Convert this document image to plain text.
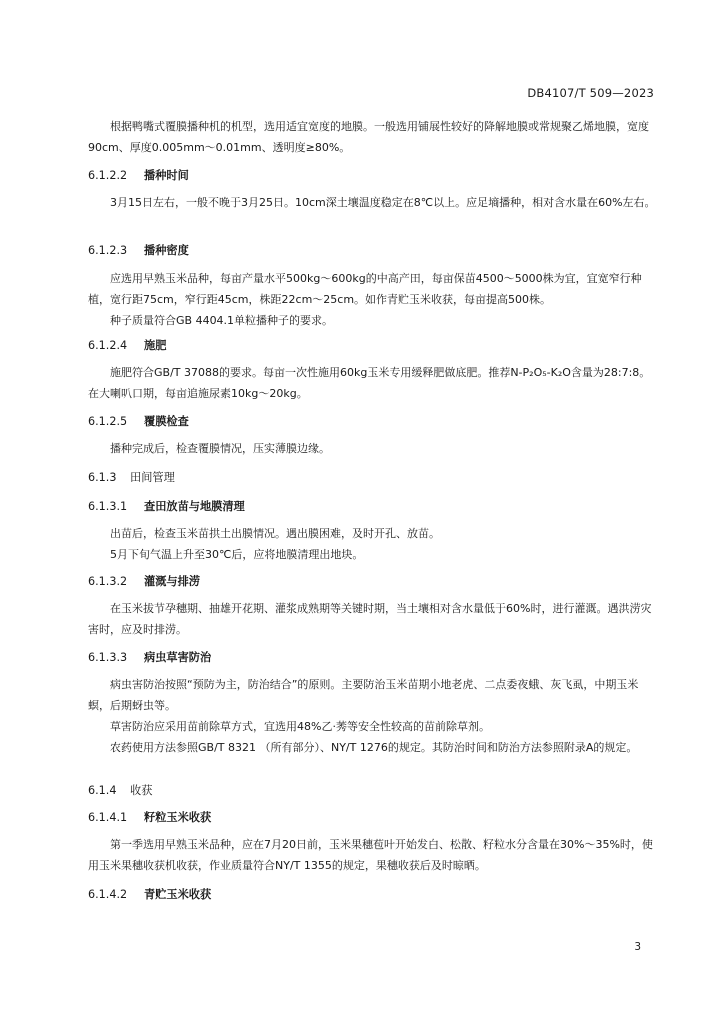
DB4107/T 509—2023

根据鸭嘴式覆膜播种机的机型，选用适宜宽度的地膜。一般选用铺展性较好的降解地膜或常规聚乙烯地膜，宽度90cm、厚度0.005mm～0.01mm、透明度≥80%。

6.1.2.2 播种时间

3月15日左右，一般不晚于3月25日。10cm深土壤温度稳定在8℃以上。应足墒播种，相对含水量在60%左右。

6.1.2.3 播种密度

应选用早熟玉米品种，每亩产量水平500kg～600kg的中高产田，每亩保苗4500～5000株为宜，宜宽窄行种植，宽行距75cm，窄行距45cm，株距22cm～25cm。如作青贮玉米收获，每亩提高500株。

种子质量符合GB 4404.1单粒播种子的要求。

6.1.2.4 施肥

施肥符合GB/T 37088的要求。每亩一次性施用60kg玉米专用缓释肥做底肥。推荐N-P₂O₅-K₂O含量为28:7:8。在大喇叭口期，每亩追施尿素10kg～20kg。

6.1.2.5 覆膜检查

播种完成后，检查覆膜情况，压实薄膜边缘。

6.1.3 田间管理
6.1.3.1 查田放苗与地膜清理

出苗后，检查玉米苗拱土出膜情况。遇出膜困难，及时开孔、放苗。

5月下旬气温上升至30℃后，应将地膜清理出地块。

6.1.3.2 灌溉与排涝

在玉米拔节孕穗期、抽雄开花期、灌浆成熟期等关键时期，当土壤相对含水量低于60%时，进行灌溉。遇洪涝灾害时，应及时排涝。

6.1.3.3 病虫草害防治

病虫害防治按照“预防为主，防治结合”的原则。主要防治玉米苗期小地老虎、二点委夜蛾、灰飞虱，中期玉米螟，后期蚜虫等。

草害防治应采用苗前除草方式，宜选用48%乙·莠等安全性较高的苗前除草剂。

农药使用方法参照GB/T 8321 （所有部分）、NY/T 1276的规定。其防治时间和防治方法参照附录A的规定。

6.1.4 收获
6.1.4.1 籽粒玉米收获

第一季选用早熟玉米品种，应在7月20日前，玉米果穗苞叶开始发白、松散、籽粒水分含量在30%～35%时，使用玉米果穗收获机收获，作业质量符合NY/T 1355的规定，果穗收获后及时晾晒。

6.1.4.2 青贮玉米收获
3
